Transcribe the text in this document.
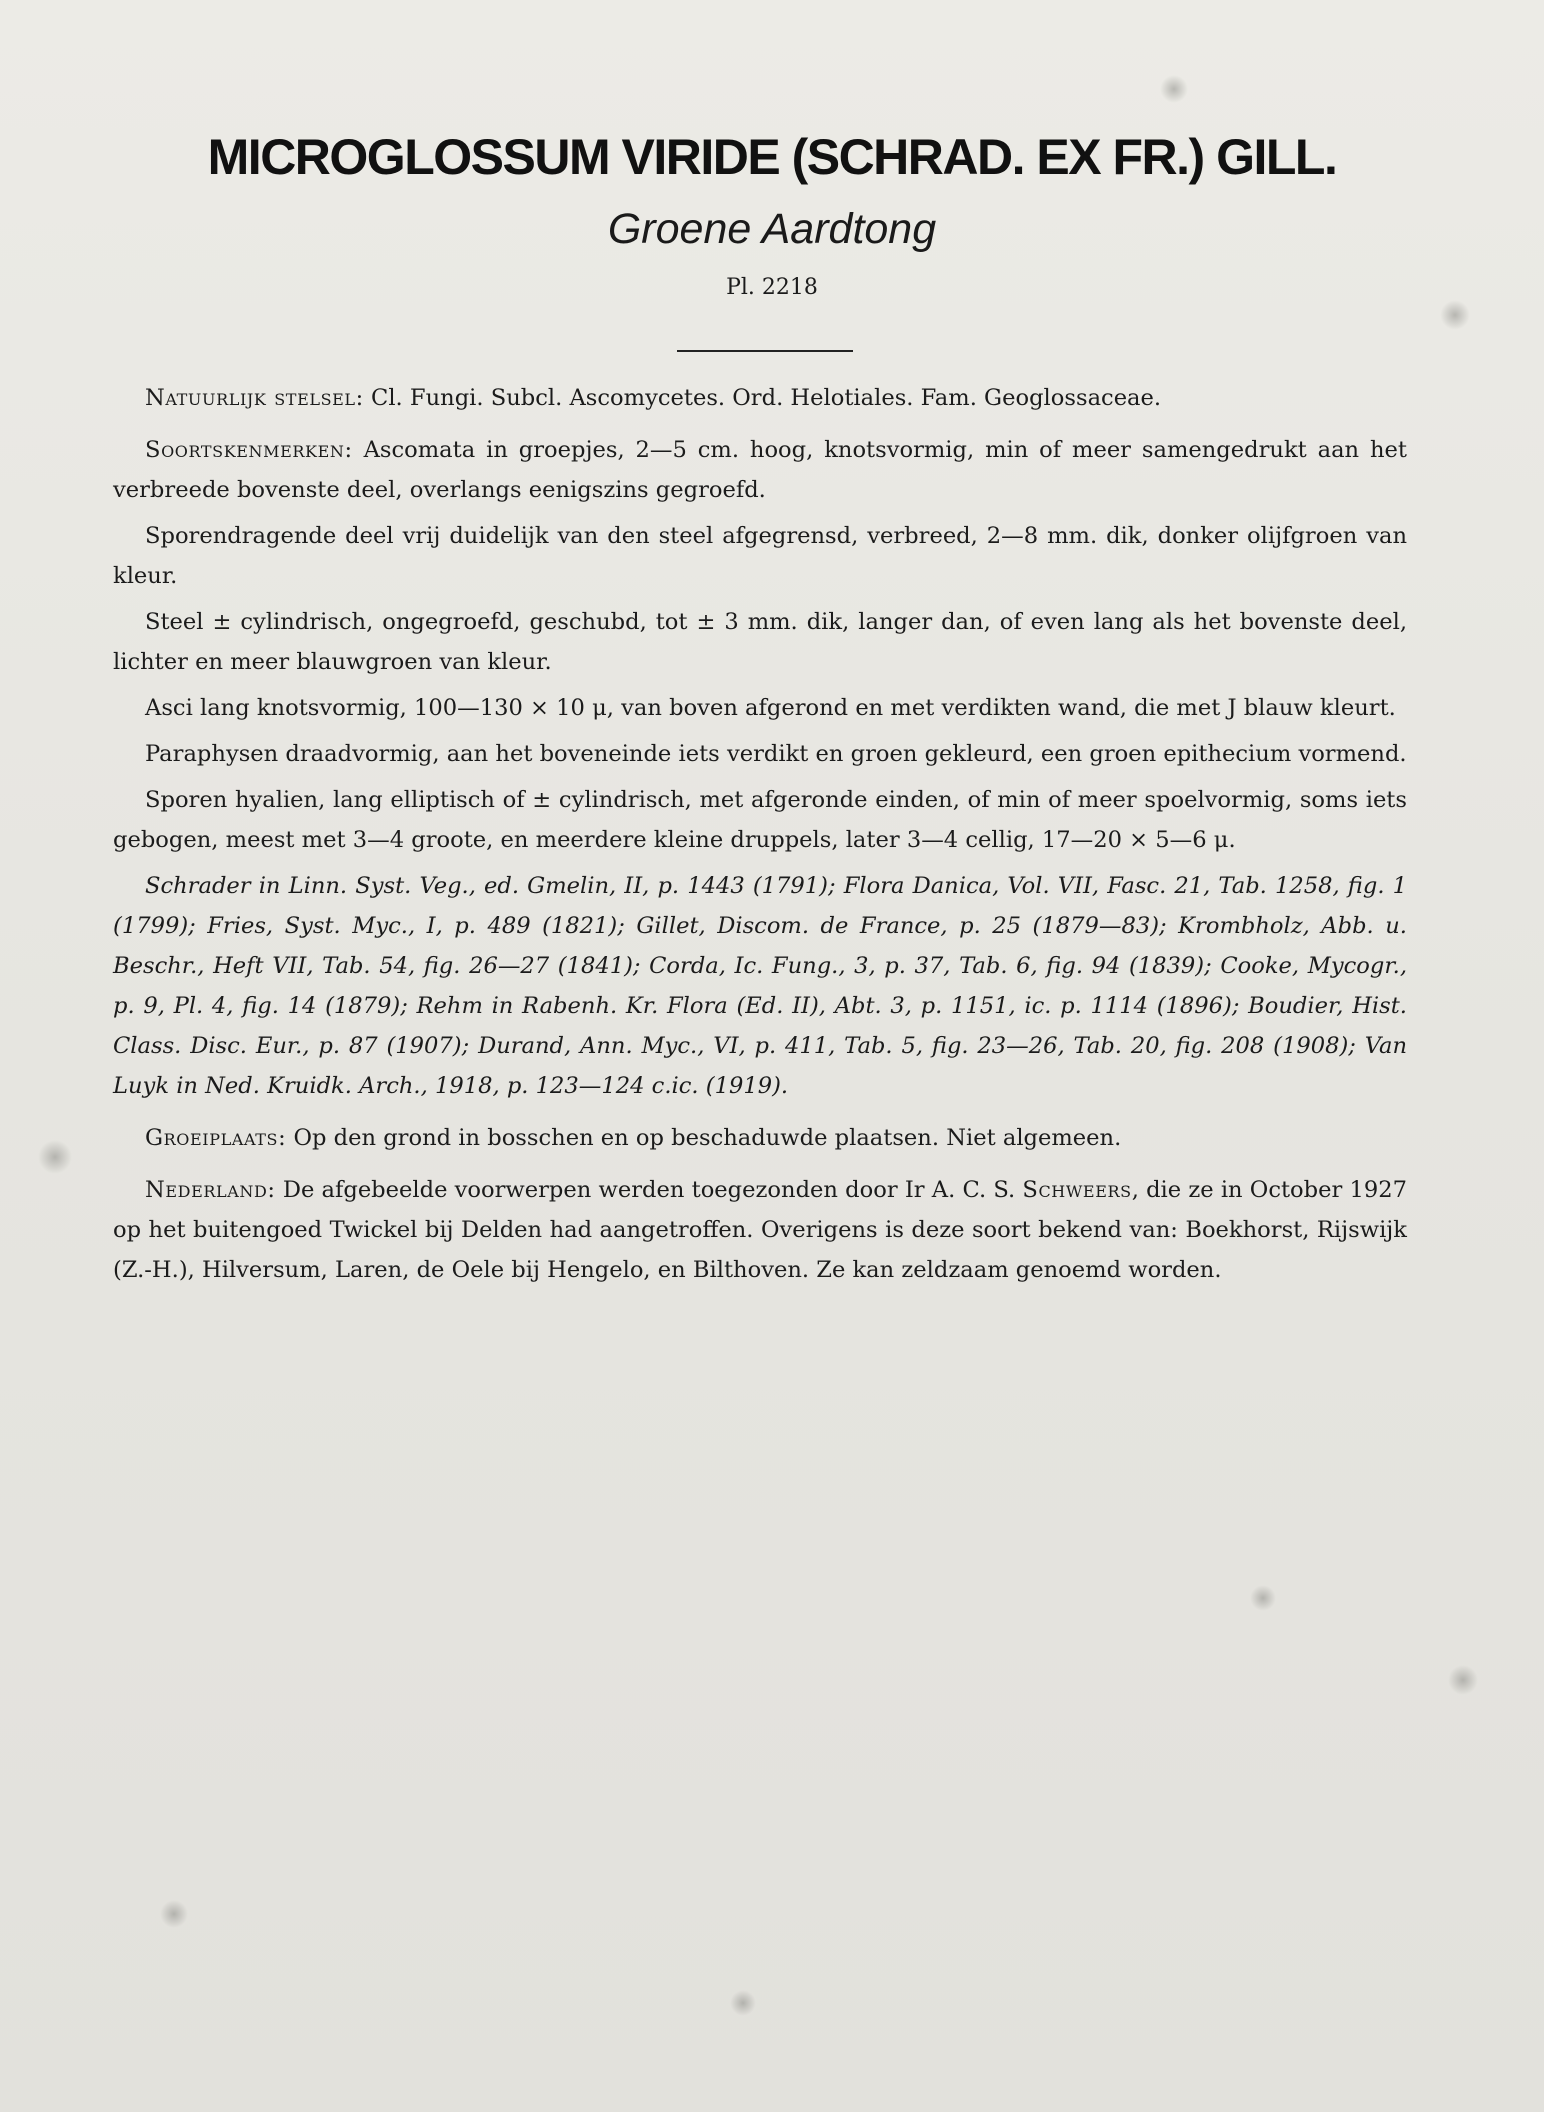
MICROGLOSSUM VIRIDE (SCHRAD. EX FR.) GILL.
Groene Aardtong
Pl. 2218

Natuurlijk stelsel: Cl. Fungi. Subcl. Ascomycetes. Ord. Helotiales. Fam. Geoglossaceae.

Soortskenmerken: Ascomata in groepjes, 2—5 cm. hoog, knotsvormig, min of meer samengedrukt aan het verbreede bovenste deel, overlangs eenigszins gegroefd.

Sporendragende deel vrij duidelijk van den steel afgegrensd, verbreed, 2—8 mm. dik, donker olijfgroen van kleur.

Steel ± cylindrisch, ongegroefd, geschubd, tot ± 3 mm. dik, langer dan, of even lang als het bovenste deel, lichter en meer blauwgroen van kleur.

Asci lang knotsvormig, 100—130 × 10 μ, van boven afgerond en met verdikten wand, die met J blauw kleurt.

Paraphysen draadvormig, aan het boveneinde iets verdikt en groen gekleurd, een groen epithecium vormend.

Sporen hyalien, lang elliptisch of ± cylindrisch, met afgeronde einden, of min of meer spoelvormig, soms iets gebogen, meest met 3—4 groote, en meerdere kleine druppels, later 3—4 cellig, 17—20 × 5—6 μ.

Schrader in Linn. Syst. Veg., ed. Gmelin, II, p. 1443 (1791); Flora Danica, Vol. VII, Fasc. 21, Tab. 1258, fig. 1 (1799); Fries, Syst. Myc., I, p. 489 (1821); Gillet, Discom. de France, p. 25 (1879—83); Krombholz, Abb. u. Beschr., Heft VII, Tab. 54, fig. 26—27 (1841); Corda, Ic. Fung., 3, p. 37, Tab. 6, fig. 94 (1839); Cooke, Mycogr., p. 9, Pl. 4, fig. 14 (1879); Rehm in Rabenh. Kr. Flora (Ed. II), Abt. 3, p. 1151, ic. p. 1114 (1896); Boudier, Hist. Class. Disc. Eur., p. 87 (1907); Durand, Ann. Myc., VI, p. 411, Tab. 5, fig. 23—26, Tab. 20, fig. 208 (1908); Van Luyk in Ned. Kruidk. Arch., 1918, p. 123—124 c.ic. (1919).

Groeiplaats: Op den grond in bosschen en op beschaduwde plaatsen. Niet algemeen.

Nederland: De afgebeelde voorwerpen werden toegezonden door Ir A. C. S. Schweers, die ze in October 1927 op het buitengoed Twickel bij Delden had aangetroffen. Overigens is deze soort bekend van: Boekhorst, Rijswijk (Z.-H.), Hilversum, Laren, de Oele bij Hengelo, en Bilthoven. Ze kan zeldzaam genoemd worden.
